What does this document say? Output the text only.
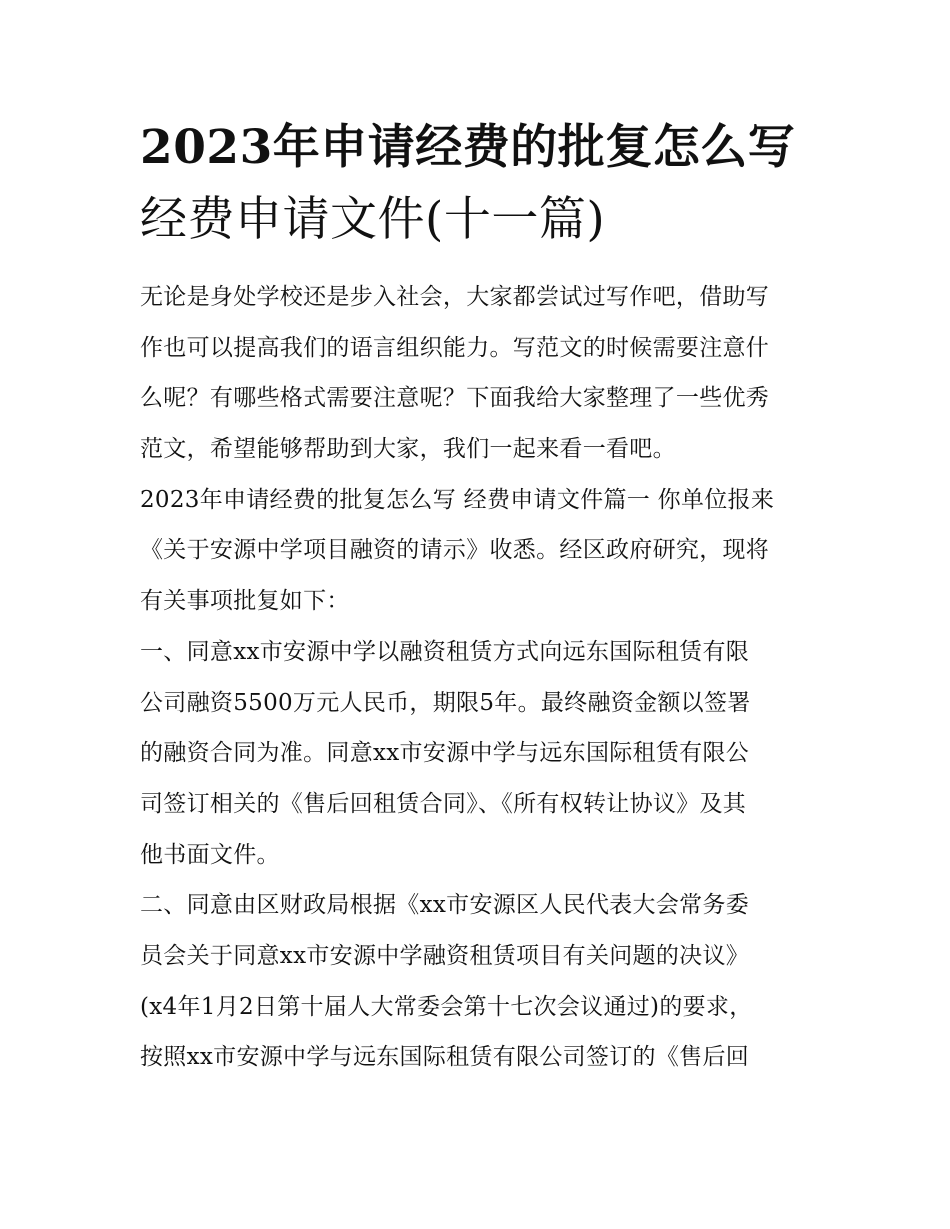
2023年申请经费的批复怎么写
经费申请文件(十一篇)

无论是身处学校还是步入社会，大家都尝试过写作吧，借助写
作也可以提高我们的语言组织能力。写范文的时候需要注意什
么呢？有哪些格式需要注意呢？下面我给大家整理了一些优秀
范文，希望能够帮助到大家，我们一起来看一看吧。

2023年申请经费的批复怎么写 经费申请文件篇一 你单位报来
《关于安源中学项目融资的请示》收悉。经区政府研究，现将
有关事项批复如下：

一、同意xx市安源中学以融资租赁方式向远东国际租赁有限
公司融资5500万元人民币，期限5年。最终融资金额以签署
的融资合同为准。同意xx市安源中学与远东国际租赁有限公
司签订相关的《售后回租赁合同》、《所有权转让协议》及其
他书面文件。

二、同意由区财政局根据《xx市安源区人民代表大会常务委
员会关于同意xx市安源中学融资租赁项目有关问题的决议》
(x4年1月2日第十届人大常委会第十七次会议通过)的要求，
按照xx市安源中学与远东国际租赁有限公司签订的《售后回
